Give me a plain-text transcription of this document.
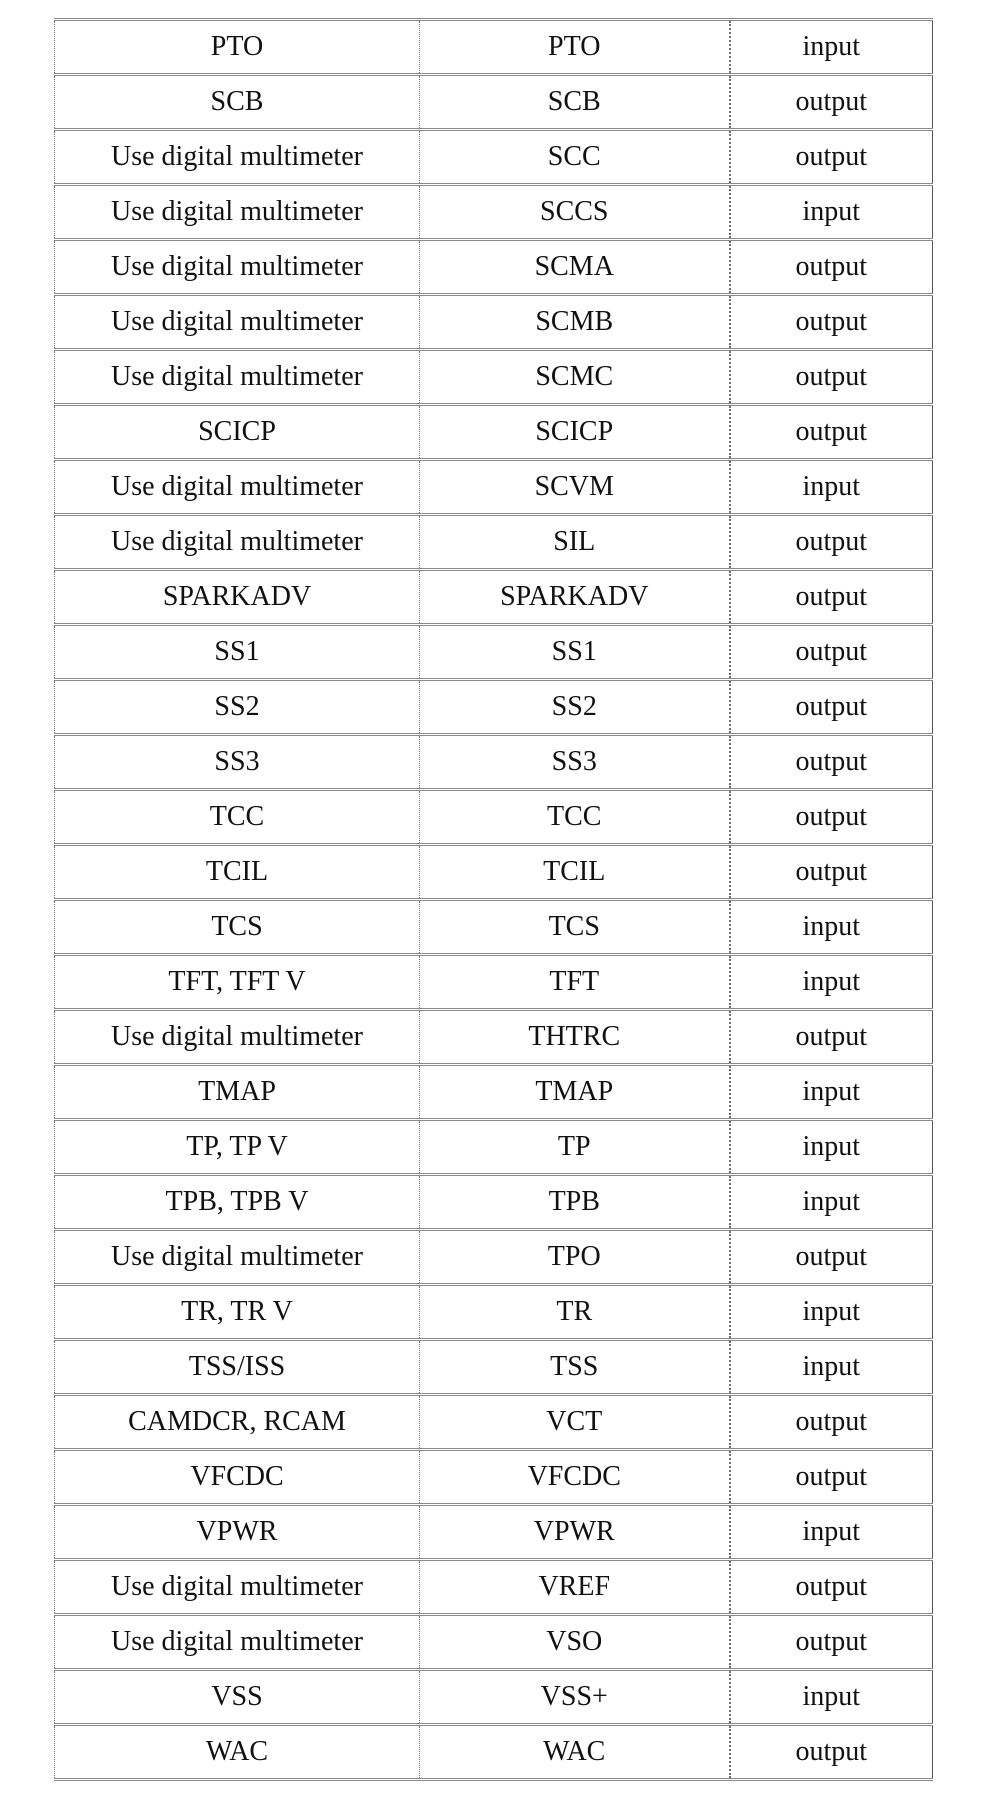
PTO	PTO	input
SCB	SCB	output
Use digital multimeter	SCC	output
Use digital multimeter	SCCS	input
Use digital multimeter	SCMA	output
Use digital multimeter	SCMB	output
Use digital multimeter	SCMC	output
SCICP	SCICP	output
Use digital multimeter	SCVM	input
Use digital multimeter	SIL	output
SPARKADV	SPARKADV	output
SS1	SS1	output
SS2	SS2	output
SS3	SS3	output
TCC	TCC	output
TCIL	TCIL	output
TCS	TCS	input
TFT, TFT V	TFT	input
Use digital multimeter	THTRC	output
TMAP	TMAP	input
TP, TP V	TP	input
TPB, TPB V	TPB	input
Use digital multimeter	TPO	output
TR, TR V	TR	input
TSS/ISS	TSS	input
CAMDCR, RCAM	VCT	output
VFCDC	VFCDC	output
VPWR	VPWR	input
Use digital multimeter	VREF	output
Use digital multimeter	VSO	output
VSS	VSS+	input
WAC	WAC	output
